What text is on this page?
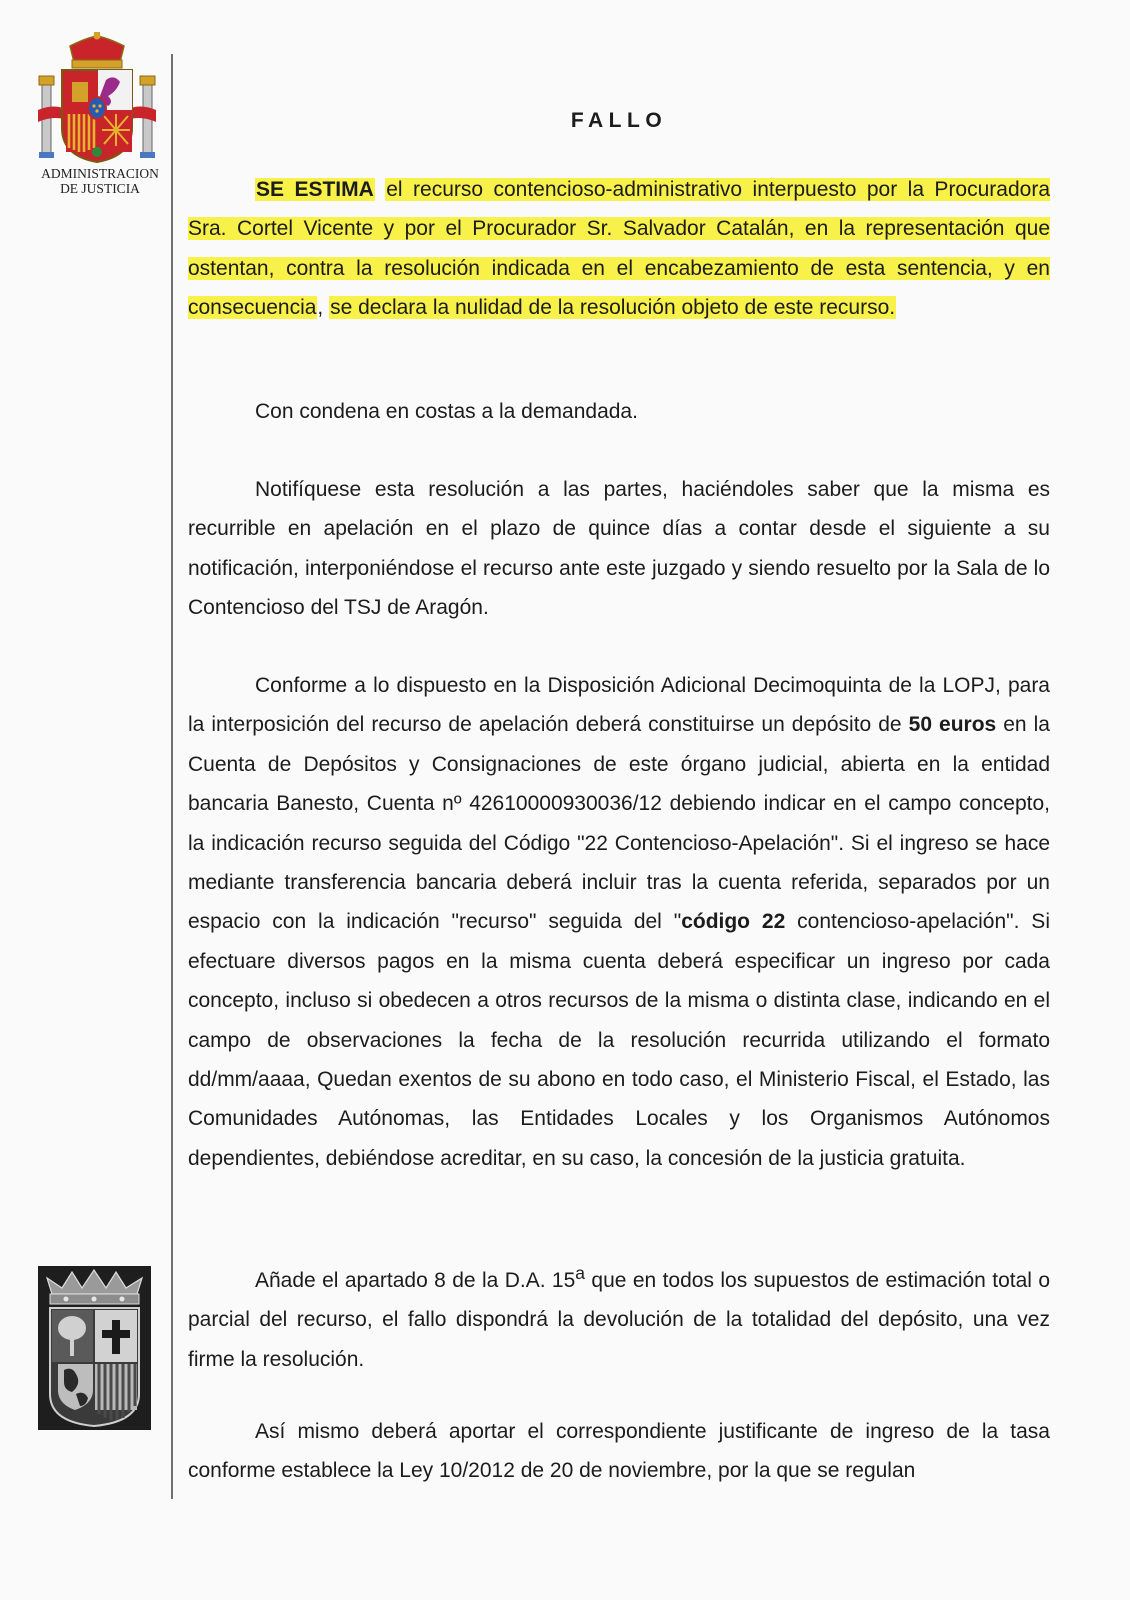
ADMINISTRACION
DE JUSTICIA
FALLO

SE ESTIMA el recurso contencioso-administrativo interpuesto por la Procuradora Sra. Cortel Vicente y por el Procurador Sr. Salvador Catalán, en la representación que ostentan, contra la resolución indicada en el encabezamiento de esta sentencia, y en consecuencia, se declara la nulidad de la resolución objeto de este recurso.

Con condena en costas a la demandada.

Notifíquese esta resolución a las partes, haciéndoles saber que la misma es recurrible en apelación en el plazo de quince días a contar desde el siguiente a su notificación, interponiéndose el recurso ante este juzgado y siendo resuelto por la Sala de lo Contencioso del TSJ de Aragón.

Conforme a lo dispuesto en la Disposición Adicional Decimoquinta de la LOPJ, para la interposición del recurso de apelación deberá constituirse un depósito de 50 euros en la Cuenta de Depósitos y Consignaciones de este órgano judicial, abierta en la entidad bancaria Banesto, Cuenta nº 42610000930036/12 debiendo indicar en el campo concepto, la indicación recurso seguida del Código "22 Contencioso-Apelación". Si el ingreso se hace mediante transferencia bancaria deberá incluir tras la cuenta referida, separados por un espacio con la indicación "recurso" seguida del "código 22 contencioso-apelación". Si efectuare diversos pagos en la misma cuenta deberá especificar un ingreso por cada concepto, incluso si obedecen a otros recursos de la misma o distinta clase, indicando en el campo de observaciones la fecha de la resolución recurrida utilizando el formato dd/mm/aaaa, Quedan exentos de su abono en todo caso, el Ministerio Fiscal, el Estado, las Comunidades Autónomas, las Entidades Locales y los Organismos Autónomos dependientes, debiéndose acreditar, en su caso, la concesión de la justicia gratuita.

Añade el apartado 8 de la D.A. 15$^a$ que en todos los supuestos de estimación total o parcial del recurso, el fallo dispondrá la devolución de la totalidad del depósito, una vez firme la resolución.

Así mismo deberá aportar el correspondiente justificante de ingreso de la tasa conforme establece la Ley 10/2012 de 20 de noviembre, por la que se regulan
